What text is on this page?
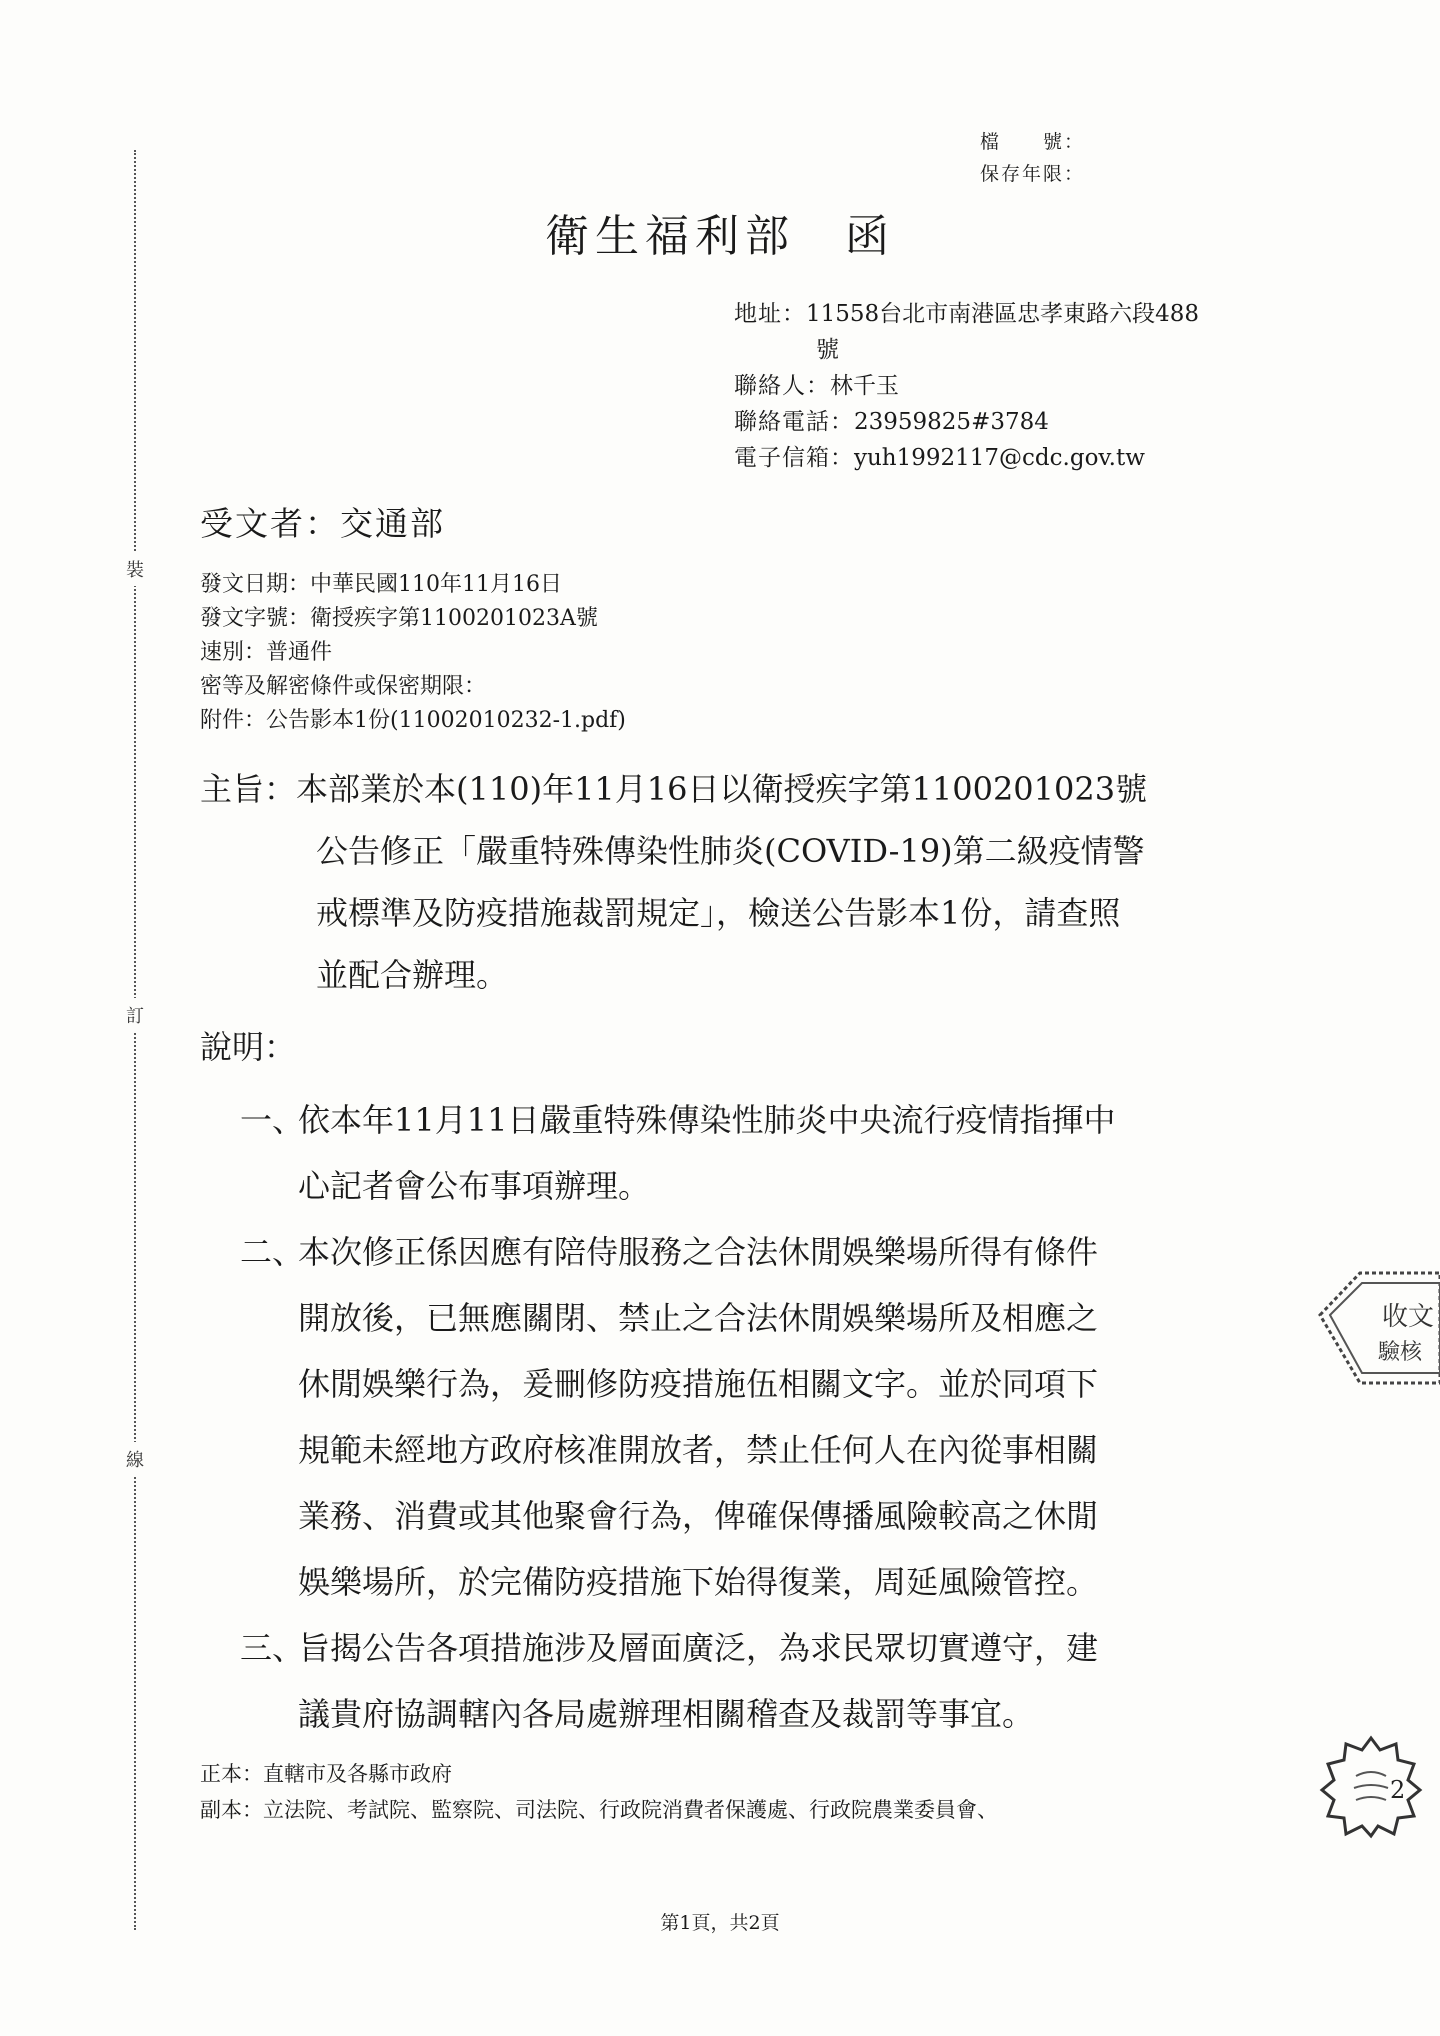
裝
訂
線
檔　　號：
保存年限：
衛生福利部　函
地址： 11558台北市南港區忠孝東路六段488
號
聯絡人： 林千玉
聯絡電話： 23959825#3784
電子信箱： yuh1992117@cdc.gov.tw
受文者：交通部
發文日期： 中華民國110年11月16日
發文字號： 衛授疾字第1100201023A號
速別： 普通件
密等及解密條件或保密期限：
附件： 公告影本1份(11002010232-1.pdf)
主旨：本部業於本(110)年11月16日以衛授疾字第1100201023號
公告修正「嚴重特殊傳染性肺炎(COVID-19)第二級疫情警
戒標準及防疫措施裁罰規定」，檢送公告影本1份，請查照
並配合辦理。
說明：
一、依本年11月11日嚴重特殊傳染性肺炎中央流行疫情指揮中
心記者會公布事項辦理。
二、本次修正係因應有陪侍服務之合法休閒娛樂場所得有條件
開放後，已無應關閉、禁止之合法休閒娛樂場所及相應之
休閒娛樂行為，爰刪修防疫措施伍相關文字。並於同項下
規範未經地方政府核准開放者，禁止任何人在內從事相關
業務、消費或其他聚會行為，俾確保傳播風險較高之休閒
娛樂場所，於完備防疫措施下始得復業，周延風險管控。
三、旨揭公告各項措施涉及層面廣泛，為求民眾切實遵守，建
議貴府協調轄內各局處辦理相關稽查及裁罰等事宜。
正本： 直轄市及各縣市政府
副本： 立法院、考試院、監察院、司法院、行政院消費者保護處、行政院農業委員會、
收文
驗核
2
第1頁，共2頁
